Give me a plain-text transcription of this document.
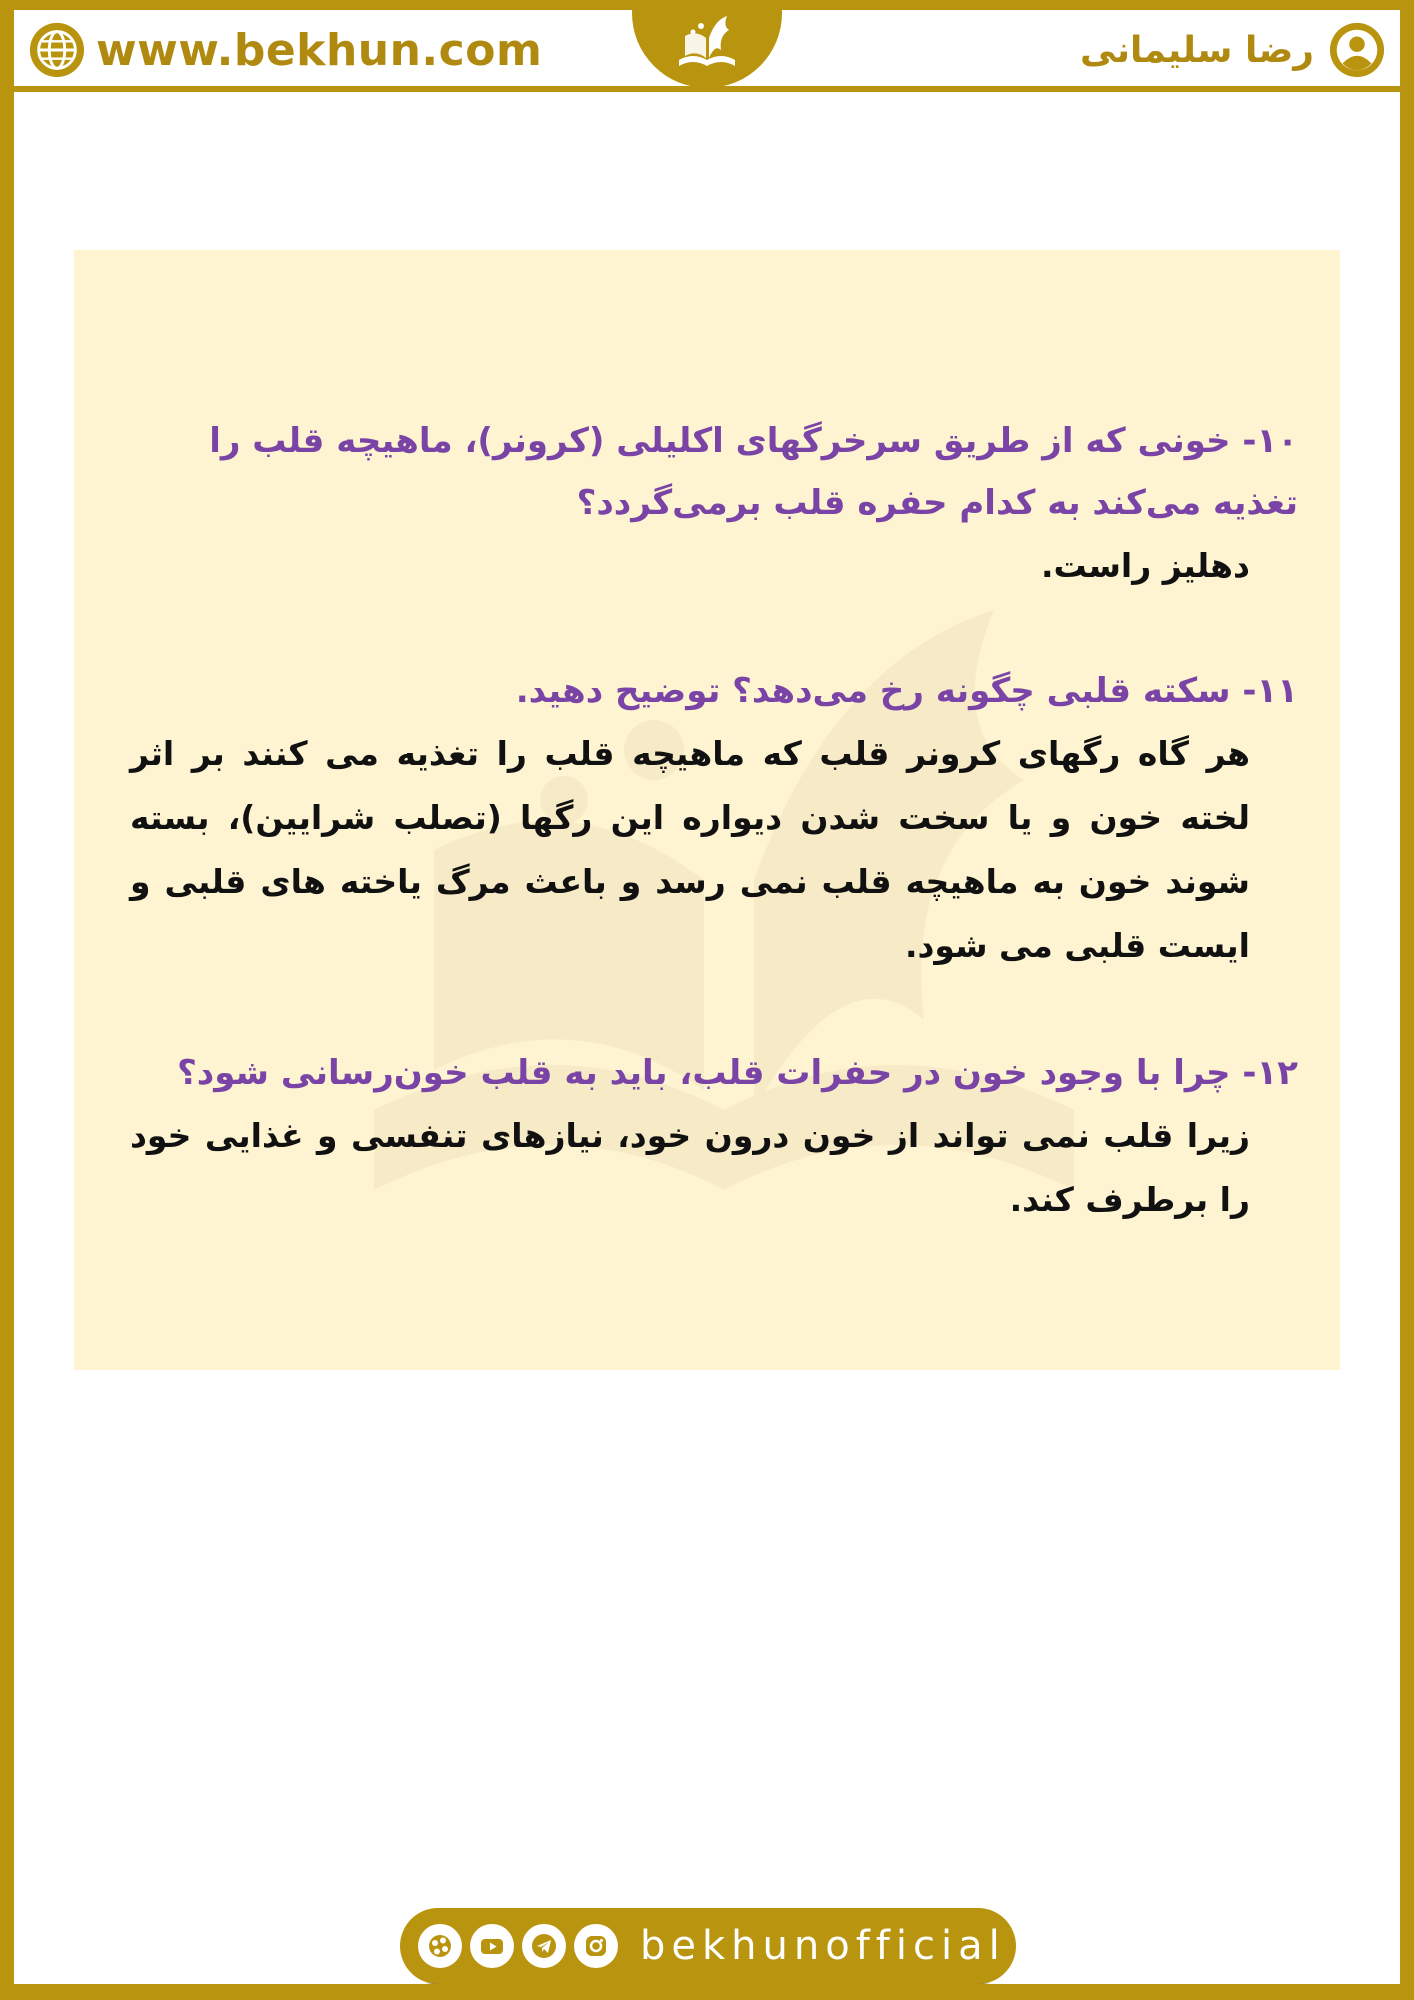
www.bekhun.com	رضا سلیمانی

۱۰- خونی که از طریق سرخرگهای اکلیلی (کرونر)، ماهیچه قلب را تغذیه می‌کند به کدام حفره قلب برمی‌گردد؟

دهلیز راست.

۱۱- سکته قلبی چگونه رخ می‌دهد؟ توضیح دهید.

هر گاه رگهای کرونر قلب که ماهیچه قلب را تغذیه می کنند بر اثر لخته خون و یا سخت شدن دیواره این رگها (تصلب شرایین)، بسته شوند خون به ماهیچه قلب نمی رسد و باعث مرگ یاخته های قلبی و ایست قلبی می شود.

۱۲- چرا با وجود خون در حفرات قلب، باید به قلب خون‌رسانی شود؟

زیرا قلب نمی تواند از خون درون خود، نیازهای تنفسی و غذایی خود را برطرف کند.

bekhunofficial
